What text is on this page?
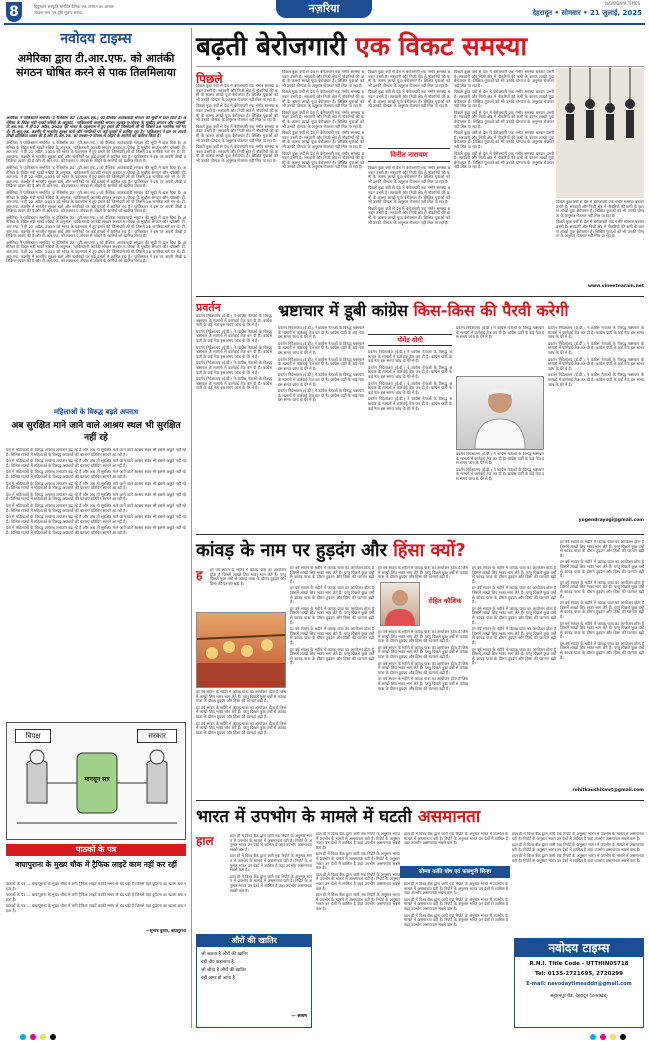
8	हिंदुस्तान संस्कृति समर्पित दैनिक एक जनमत का आधार
भावना मन्त्र पत्र दृष्टि मूलतः संवाद	नज़रिया	NAVODAYA TIMES
देहरादून • सोमवार • 21 जुलाई, 2025
नवोदय टाइम्स
अमेरिका द्वारा टी.आर.एफ. को आतंकी संगठन घोषित करने से पाक तिलमिलाया

अमेरिका ने पाकिस्तान समर्थित 'द रेजिस्टेंस फ्रंट' (टी.आर.एफ.) को वैश्विक आतंकवादी संगठन की सूची में डाल दिया है। अमेरिका के विदेश मंत्री मार्को रुबियो के अनुसार, 'पाकिस्तानी आतंकी संगठन लश्कर-ए-तोयबा के मुखौटा संगठन और 'प्रॉक्सी' टी.आर.एफ. ने ही 22 अप्रैल, 2025 को भारत के पहलगाम में हुए हमले की जिम्मेदारी ली थी जिसमें 26 नागरिक मारे गए थे। टी.आर.एफ. कश्मीर में भारतीय सुरक्षा बलों और नागरिकों पर कई हमलों में शामिल रहा है।' पाकिस्तान ने इस पर अपनी तीखी प्रतिक्रिया व्यक्त की है और टी.आर.एफ. को लश्कर-ए-तोयबा से जोड़ने के आरोपों को खारिज किया है।

अमेरिका ने पाकिस्तान समर्थित 'द रेजिस्टेंस फ्रंट' (टी.आर.एफ.) को वैश्विक आतंकवादी संगठन की सूची में डाल दिया है। अमेरिका के विदेश मंत्री मार्को रुबियो के अनुसार, 'पाकिस्तानी आतंकी संगठन लश्कर-ए-तोयबा के मुखौटा संगठन और 'प्रॉक्सी' टी.आर.एफ. ने ही 22 अप्रैल, 2025 को भारत के पहलगाम में हुए हमले की जिम्मेदारी ली थी जिसमें 26 नागरिक मारे गए थे। टी.आर.एफ. कश्मीर में भारतीय सुरक्षा बलों और नागरिकों पर कई हमलों में शामिल रहा है।' पाकिस्तान ने इस पर अपनी तीखी प्रतिक्रिया व्यक्त की है और टी.आर.एफ. को लश्कर-ए-तोयबा से जोड़ने के आरोपों को खारिज किया है।

अमेरिका ने पाकिस्तान समर्थित 'द रेजिस्टेंस फ्रंट' (टी.आर.एफ.) को वैश्विक आतंकवादी संगठन की सूची में डाल दिया है। अमेरिका के विदेश मंत्री मार्को रुबियो के अनुसार, 'पाकिस्तानी आतंकी संगठन लश्कर-ए-तोयबा के मुखौटा संगठन और 'प्रॉक्सी' टी.आर.एफ. ने ही 22 अप्रैल, 2025 को भारत के पहलगाम में हुए हमले की जिम्मेदारी ली थी जिसमें 26 नागरिक मारे गए थे। टी.आर.एफ. कश्मीर में भारतीय सुरक्षा बलों और नागरिकों पर कई हमलों में शामिल रहा है।' पाकिस्तान ने इस पर अपनी तीखी प्रतिक्रिया व्यक्त की है और टी.आर.एफ. को लश्कर-ए-तोयबा से जोड़ने के आरोपों को खारिज किया है।

अमेरिका ने पाकिस्तान समर्थित 'द रेजिस्टेंस फ्रंट' (टी.आर.एफ.) को वैश्विक आतंकवादी संगठन की सूची में डाल दिया है। अमेरिका के विदेश मंत्री मार्को रुबियो के अनुसार, 'पाकिस्तानी आतंकी संगठन लश्कर-ए-तोयबा के मुखौटा संगठन और 'प्रॉक्सी' टी.आर.एफ. ने ही 22 अप्रैल, 2025 को भारत के पहलगाम में हुए हमले की जिम्मेदारी ली थी जिसमें 26 नागरिक मारे गए थे। टी.आर.एफ. कश्मीर में भारतीय सुरक्षा बलों और नागरिकों पर कई हमलों में शामिल रहा है।' पाकिस्तान ने इस पर अपनी तीखी प्रतिक्रिया व्यक्त की है और टी.आर.एफ. को लश्कर-ए-तोयबा से जोड़ने के आरोपों को खारिज किया है।

अमेरिका ने पाकिस्तान समर्थित 'द रेजिस्टेंस फ्रंट' (टी.आर.एफ.) को वैश्विक आतंकवादी संगठन की सूची में डाल दिया है। अमेरिका के विदेश मंत्री मार्को रुबियो के अनुसार, 'पाकिस्तानी आतंकी संगठन लश्कर-ए-तोयबा के मुखौटा संगठन और 'प्रॉक्सी' टी.आर.एफ. ने ही 22 अप्रैल, 2025 को भारत के पहलगाम में हुए हमले की जिम्मेदारी ली थी जिसमें 26 नागरिक मारे गए थे। टी.आर.एफ. कश्मीर में भारतीय सुरक्षा बलों और नागरिकों पर कई हमलों में शामिल रहा है।' पाकिस्तान ने इस पर अपनी तीखी प्रतिक्रिया व्यक्त की है और टी.आर.एफ. को लश्कर-ए-तोयबा से जोड़ने के आरोपों को खारिज किया है।

अमेरिका ने पाकिस्तान समर्थित 'द रेजिस्टेंस फ्रंट' (टी.आर.एफ.) को वैश्विक आतंकवादी संगठन की सूची में डाल दिया है। अमेरिका के विदेश मंत्री मार्को रुबियो के अनुसार, 'पाकिस्तानी आतंकी संगठन लश्कर-ए-तोयबा के मुखौटा संगठन और 'प्रॉक्सी' टी.आर.एफ. ने ही 22 अप्रैल, 2025 को भारत के पहलगाम में हुए हमले की जिम्मेदारी ली थी जिसमें 26 नागरिक मारे गए थे। टी.आर.एफ. कश्मीर में भारतीय सुरक्षा बलों और नागरिकों पर कई हमलों में शामिल रहा है।' पाकिस्तान ने इस पर अपनी तीखी प्रतिक्रिया व्यक्त की है और टी.आर.एफ. को लश्कर-ए-तोयबा से जोड़ने के आरोपों को खारिज किया है।

महिलाओं के विरुद्ध बढ़ते अपराध
अब सुरक्षित माने जाने वाले आश्रय स्थल भी सुरक्षित नहीं रहे

देश में महिलाओं के विरुद्ध अपराध लगातार बढ़ रहे हैं और अब तो सुरक्षित माने जाने वाले आश्रय स्थल भी इससे अछूते नहीं रहे हैं। विभिन्न राज्यों में महिलाओं के विरुद्ध अपराधों की घटनाएं प्रतिदिन सामने आ रही हैं।

देश में महिलाओं के विरुद्ध अपराध लगातार बढ़ रहे हैं और अब तो सुरक्षित माने जाने वाले आश्रय स्थल भी इससे अछूते नहीं रहे हैं। विभिन्न राज्यों में महिलाओं के विरुद्ध अपराधों की घटनाएं प्रतिदिन सामने आ रही हैं।

देश में महिलाओं के विरुद्ध अपराध लगातार बढ़ रहे हैं और अब तो सुरक्षित माने जाने वाले आश्रय स्थल भी इससे अछूते नहीं रहे हैं। विभिन्न राज्यों में महिलाओं के विरुद्ध अपराधों की घटनाएं प्रतिदिन सामने आ रही हैं।

देश में महिलाओं के विरुद्ध अपराध लगातार बढ़ रहे हैं और अब तो सुरक्षित माने जाने वाले आश्रय स्थल भी इससे अछूते नहीं रहे हैं। विभिन्न राज्यों में महिलाओं के विरुद्ध अपराधों की घटनाएं प्रतिदिन सामने आ रही हैं।

देश में महिलाओं के विरुद्ध अपराध लगातार बढ़ रहे हैं और अब तो सुरक्षित माने जाने वाले आश्रय स्थल भी इससे अछूते नहीं रहे हैं। विभिन्न राज्यों में महिलाओं के विरुद्ध अपराधों की घटनाएं प्रतिदिन सामने आ रही हैं।

देश में महिलाओं के विरुद्ध अपराध लगातार बढ़ रहे हैं और अब तो सुरक्षित माने जाने वाले आश्रय स्थल भी इससे अछूते नहीं रहे हैं। विभिन्न राज्यों में महिलाओं के विरुद्ध अपराधों की घटनाएं प्रतिदिन सामने आ रही हैं।

देश में महिलाओं के विरुद्ध अपराध लगातार बढ़ रहे हैं और अब तो सुरक्षित माने जाने वाले आश्रय स्थल भी इससे अछूते नहीं रहे हैं। विभिन्न राज्यों में महिलाओं के विरुद्ध अपराधों की घटनाएं प्रतिदिन सामने आ रही हैं।

देश में महिलाओं के विरुद्ध अपराध लगातार बढ़ रहे हैं और अब तो सुरक्षित माने जाने वाले आश्रय स्थल भी इससे अछूते नहीं रहे हैं। विभिन्न राज्यों में महिलाओं के विरुद्ध अपराधों की घटनाएं प्रतिदिन सामने आ रही हैं।

विपक्ष	सरकार
मानसून सत्र
पाठकों के पत्र
बाघापुराना के मुख्य चौक में ट्रैफिक लाइटें काम नहीं कर रहीं

पाठकों के पत्र — बाघापुराना के मुख्य चौक में लगी ट्रैफिक लाइटें काफी समय से बंद पड़ी हैं जिससे यहां दुर्घटना का खतरा बना रहता है।

पाठकों के पत्र — बाघापुराना के मुख्य चौक में लगी ट्रैफिक लाइटें काफी समय से बंद पड़ी हैं जिससे यहां दुर्घटना का खतरा बना रहता है।

पाठकों के पत्र — बाघापुराना के मुख्य चौक में लगी ट्रैफिक लाइटें काफी समय से बंद पड़ी हैं जिससे यहां दुर्घटना का खतरा बना रहता है।

—सुभाष कुमार, बाघापुराना
बढ़ती बेरोजगारी एक विकट समस्या
पिछले

पिछले कुछ वर्षों से देश में बेरोजगारी एक गंभीर समस्या बनकर उभरी है। सरकारी और निजी क्षेत्र में नौकरियों की कमी के कारण लाखों युवा बेरोजगार हैं। शिक्षित युवाओं को भी उनकी योग्यता के अनुसार रोजगार नहीं मिल पा रहा है।

पिछले कुछ वर्षों से देश में बेरोजगारी एक गंभीर समस्या बनकर उभरी है। सरकारी और निजी क्षेत्र में नौकरियों की कमी के कारण लाखों युवा बेरोजगार हैं। शिक्षित युवाओं को भी उनकी योग्यता के अनुसार रोजगार नहीं मिल पा रहा है।

पिछले कुछ वर्षों से देश में बेरोजगारी एक गंभीर समस्या बनकर उभरी है। सरकारी और निजी क्षेत्र में नौकरियों की कमी के कारण लाखों युवा बेरोजगार हैं। शिक्षित युवाओं को भी उनकी योग्यता के अनुसार रोजगार नहीं मिल पा रहा है।

पिछले कुछ वर्षों से देश में बेरोजगारी एक गंभीर समस्या बनकर उभरी है। सरकारी और निजी क्षेत्र में नौकरियों की कमी के कारण लाखों युवा बेरोजगार हैं। शिक्षित युवाओं को भी उनकी योग्यता के अनुसार रोजगार नहीं मिल पा रहा है।

पिछले कुछ वर्षों से देश में बेरोजगारी एक गंभीर समस्या बनकर उभरी है। सरकारी और निजी क्षेत्र में नौकरियों की कमी के कारण लाखों युवा बेरोजगार हैं। शिक्षित युवाओं को भी उनकी योग्यता के अनुसार रोजगार नहीं मिल पा रहा है।

पिछले कुछ वर्षों से देश में बेरोजगारी एक गंभीर समस्या बनकर उभरी है। सरकारी और निजी क्षेत्र में नौकरियों की कमी के कारण लाखों युवा बेरोजगार हैं। शिक्षित युवाओं को भी उनकी योग्यता के अनुसार रोजगार नहीं मिल पा रहा है।

पिछले कुछ वर्षों से देश में बेरोजगारी एक गंभीर समस्या बनकर उभरी है। सरकारी और निजी क्षेत्र में नौकरियों की कमी के कारण लाखों युवा बेरोजगार हैं। शिक्षित युवाओं को भी उनकी योग्यता के अनुसार रोजगार नहीं मिल पा रहा है।

पिछले कुछ वर्षों से देश में बेरोजगारी एक गंभीर समस्या बनकर उभरी है। सरकारी और निजी क्षेत्र में नौकरियों की कमी के कारण लाखों युवा बेरोजगार हैं। शिक्षित युवाओं को भी उनकी योग्यता के अनुसार रोजगार नहीं मिल पा रहा है।

पिछले कुछ वर्षों से देश में बेरोजगारी एक गंभीर समस्या बनकर उभरी है। सरकारी और निजी क्षेत्र में नौकरियों की कमी के कारण लाखों युवा बेरोजगार हैं। शिक्षित युवाओं को भी उनकी योग्यता के अनुसार रोजगार नहीं मिल पा रहा है।

विनीत नारायण

पिछले कुछ वर्षों से देश में बेरोजगारी एक गंभीर समस्या बनकर उभरी है। सरकारी और निजी क्षेत्र में नौकरियों की कमी के कारण लाखों युवा बेरोजगार हैं। शिक्षित युवाओं को भी उनकी योग्यता के अनुसार रोजगार नहीं मिल पा रहा है।

पिछले कुछ वर्षों से देश में बेरोजगारी एक गंभीर समस्या बनकर उभरी है। सरकारी और निजी क्षेत्र में नौकरियों की कमी के कारण लाखों युवा बेरोजगार हैं। शिक्षित युवाओं को भी उनकी योग्यता के अनुसार रोजगार नहीं मिल पा रहा है।

पिछले कुछ वर्षों से देश में बेरोजगारी एक गंभीर समस्या बनकर उभरी है। सरकारी और निजी क्षेत्र में नौकरियों की कमी के कारण लाखों युवा बेरोजगार हैं। शिक्षित युवाओं को भी उनकी योग्यता के अनुसार रोजगार नहीं मिल पा रहा है।

पिछले कुछ वर्षों से देश में बेरोजगारी एक गंभीर समस्या बनकर उभरी है। सरकारी और निजी क्षेत्र में नौकरियों की कमी के कारण लाखों युवा बेरोजगार हैं। शिक्षित युवाओं को भी उनकी योग्यता के अनुसार रोजगार नहीं मिल पा रहा है।

पिछले कुछ वर्षों से देश में बेरोजगारी एक गंभीर समस्या बनकर उभरी है। सरकारी और निजी क्षेत्र में नौकरियों की कमी के कारण लाखों युवा बेरोजगार हैं। शिक्षित युवाओं को भी उनकी योग्यता के अनुसार रोजगार नहीं मिल पा रहा है।

पिछले कुछ वर्षों से देश में बेरोजगारी एक गंभीर समस्या बनकर उभरी है। सरकारी और निजी क्षेत्र में नौकरियों की कमी के कारण लाखों युवा बेरोजगार हैं। शिक्षित युवाओं को भी उनकी योग्यता के अनुसार रोजगार नहीं मिल पा रहा है।

पिछले कुछ वर्षों से देश में बेरोजगारी एक गंभीर समस्या बनकर उभरी है। सरकारी और निजी क्षेत्र में नौकरियों की कमी के कारण लाखों युवा बेरोजगार हैं। शिक्षित युवाओं को भी उनकी योग्यता के अनुसार रोजगार नहीं मिल पा रहा है।

पिछले कुछ वर्षों से देश में बेरोजगारी एक गंभीर समस्या बनकर उभरी है। सरकारी और निजी क्षेत्र में नौकरियों की कमी के कारण लाखों युवा बेरोजगार हैं। शिक्षित युवाओं को भी उनकी योग्यता के अनुसार रोजगार नहीं मिल पा रहा है।

पिछले कुछ वर्षों से देश में बेरोजगारी एक गंभीर समस्या बनकर उभरी है। सरकारी और निजी क्षेत्र में नौकरियों की कमी के कारण लाखों युवा बेरोजगार हैं। शिक्षित युवाओं को भी उनकी योग्यता के अनुसार रोजगार नहीं मिल पा रहा है।

पिछले कुछ वर्षों से देश में बेरोजगारी एक गंभीर समस्या बनकर उभरी है। सरकारी और निजी क्षेत्र में नौकरियों की कमी के कारण लाखों युवा बेरोजगार हैं। शिक्षित युवाओं को भी उनकी योग्यता के अनुसार रोजगार नहीं मिल पा रहा है।

पिछले कुछ वर्षों से देश में बेरोजगारी एक गंभीर समस्या बनकर उभरी है। सरकारी और निजी क्षेत्र में नौकरियों की कमी के कारण लाखों युवा बेरोजगार हैं। शिक्षित युवाओं को भी उनकी योग्यता के अनुसार रोजगार नहीं मिल पा रहा है।

पिछले कुछ वर्षों से देश में बेरोजगारी एक गंभीर समस्या बनकर उभरी है। सरकारी और निजी क्षेत्र में नौकरियों की कमी के कारण लाखों युवा बेरोजगार हैं। शिक्षित युवाओं को भी उनकी योग्यता के अनुसार रोजगार नहीं मिल पा रहा है।

www.vineetnarain.net
प्रवर्तन

प्रवर्तन निदेशालय (ई.डी.) ने कांग्रेस नेताओं के विरुद्ध भ्रष्टाचार के मामलों में कार्रवाई तेज कर दी है। कांग्रेस पार्टी के कई नेता इस समय जांच के घेरे में हैं।

प्रवर्तन निदेशालय (ई.डी.) ने कांग्रेस नेताओं के विरुद्ध भ्रष्टाचार के मामलों में कार्रवाई तेज कर दी है। कांग्रेस पार्टी के कई नेता इस समय जांच के घेरे में हैं।

प्रवर्तन निदेशालय (ई.डी.) ने कांग्रेस नेताओं के विरुद्ध भ्रष्टाचार के मामलों में कार्रवाई तेज कर दी है। कांग्रेस पार्टी के कई नेता इस समय जांच के घेरे में हैं।

प्रवर्तन निदेशालय (ई.डी.) ने कांग्रेस नेताओं के विरुद्ध भ्रष्टाचार के मामलों में कार्रवाई तेज कर दी है। कांग्रेस पार्टी के कई नेता इस समय जांच के घेरे में हैं।

प्रवर्तन निदेशालय (ई.डी.) ने कांग्रेस नेताओं के विरुद्ध भ्रष्टाचार के मामलों में कार्रवाई तेज कर दी है। कांग्रेस पार्टी के कई नेता इस समय जांच के घेरे में हैं।

भ्रष्टाचार में डूबी कांग्रेस किस-किस की पैरवी करेगी

प्रवर्तन निदेशालय (ई.डी.) ने कांग्रेस नेताओं के विरुद्ध भ्रष्टाचार के मामलों में कार्रवाई तेज कर दी है। कांग्रेस पार्टी के कई नेता इस समय जांच के घेरे में हैं।

प्रवर्तन निदेशालय (ई.डी.) ने कांग्रेस नेताओं के विरुद्ध भ्रष्टाचार के मामलों में कार्रवाई तेज कर दी है। कांग्रेस पार्टी के कई नेता इस समय जांच के घेरे में हैं।

प्रवर्तन निदेशालय (ई.डी.) ने कांग्रेस नेताओं के विरुद्ध भ्रष्टाचार के मामलों में कार्रवाई तेज कर दी है। कांग्रेस पार्टी के कई नेता इस समय जांच के घेरे में हैं।

प्रवर्तन निदेशालय (ई.डी.) ने कांग्रेस नेताओं के विरुद्ध भ्रष्टाचार के मामलों में कार्रवाई तेज कर दी है। कांग्रेस पार्टी के कई नेता इस समय जांच के घेरे में हैं।

प्रवर्तन निदेशालय (ई.डी.) ने कांग्रेस नेताओं के विरुद्ध भ्रष्टाचार के मामलों में कार्रवाई तेज कर दी है। कांग्रेस पार्टी के कई नेता इस समय जांच के घेरे में हैं।

योगेंद्र योगी

प्रवर्तन निदेशालय (ई.डी.) ने कांग्रेस नेताओं के विरुद्ध भ्रष्टाचार के मामलों में कार्रवाई तेज कर दी है। कांग्रेस पार्टी के कई नेता इस समय जांच के घेरे में हैं।

प्रवर्तन निदेशालय (ई.डी.) ने कांग्रेस नेताओं के विरुद्ध भ्रष्टाचार के मामलों में कार्रवाई तेज कर दी है। कांग्रेस पार्टी के कई नेता इस समय जांच के घेरे में हैं।

प्रवर्तन निदेशालय (ई.डी.) ने कांग्रेस नेताओं के विरुद्ध भ्रष्टाचार के मामलों में कार्रवाई तेज कर दी है। कांग्रेस पार्टी के कई नेता इस समय जांच के घेरे में हैं।

प्रवर्तन निदेशालय (ई.डी.) ने कांग्रेस नेताओं के विरुद्ध भ्रष्टाचार के मामलों में कार्रवाई तेज कर दी है। कांग्रेस पार्टी के कई नेता इस समय जांच के घेरे में हैं।

प्रवर्तन निदेशालय (ई.डी.) ने कांग्रेस नेताओं के विरुद्ध भ्रष्टाचार के मामलों में कार्रवाई तेज कर दी है। कांग्रेस पार्टी के कई नेता इस समय जांच के घेरे में हैं।

प्रवर्तन निदेशालय (ई.डी.) ने कांग्रेस नेताओं के विरुद्ध भ्रष्टाचार के मामलों में कार्रवाई तेज कर दी है। कांग्रेस पार्टी के कई नेता इस समय जांच के घेरे में हैं।

प्रवर्तन निदेशालय (ई.डी.) ने कांग्रेस नेताओं के विरुद्ध भ्रष्टाचार के मामलों में कार्रवाई तेज कर दी है। कांग्रेस पार्टी के कई नेता इस समय जांच के घेरे में हैं।

प्रवर्तन निदेशालय (ई.डी.) ने कांग्रेस नेताओं के विरुद्ध भ्रष्टाचार के मामलों में कार्रवाई तेज कर दी है। कांग्रेस पार्टी के कई नेता इस समय जांच के घेरे में हैं।

प्रवर्तन निदेशालय (ई.डी.) ने कांग्रेस नेताओं के विरुद्ध भ्रष्टाचार के मामलों में कार्रवाई तेज कर दी है। कांग्रेस पार्टी के कई नेता इस समय जांच के घेरे में हैं।

प्रवर्तन निदेशालय (ई.डी.) ने कांग्रेस नेताओं के विरुद्ध भ्रष्टाचार के मामलों में कार्रवाई तेज कर दी है। कांग्रेस पार्टी के कई नेता इस समय जांच के घेरे में हैं।

प्रवर्तन निदेशालय (ई.डी.) ने कांग्रेस नेताओं के विरुद्ध भ्रष्टाचार के मामलों में कार्रवाई तेज कर दी है। कांग्रेस पार्टी के कई नेता इस समय जांच के घेरे में हैं।

yogendrayogi@gmail.com
कांवड़ के नाम पर हुड़दंग और हिंसा क्यों?
ह	हर वर्ष सावन के महीने में कांवड़ यात्रा का आयोजन होता है जिसमें लाखों शिव भक्त भाग लेते हैं। परंतु पिछले कुछ वर्षों से कांवड़ यात्रा के दौरान हुड़दंग और हिंसा की घटनाएं बढ़ी हैं।

हर वर्ष सावन के महीने में कांवड़ यात्रा का आयोजन होता है जिसमें लाखों शिव भक्त भाग लेते हैं। परंतु पिछले कुछ वर्षों से कांवड़ यात्रा के दौरान हुड़दंग और हिंसा की घटनाएं बढ़ी हैं।

हर वर्ष सावन के महीने में कांवड़ यात्रा का आयोजन होता है जिसमें लाखों शिव भक्त भाग लेते हैं। परंतु पिछले कुछ वर्षों से कांवड़ यात्रा के दौरान हुड़दंग और हिंसा की घटनाएं बढ़ी हैं।

हर वर्ष सावन के महीने में कांवड़ यात्रा का आयोजन होता है जिसमें लाखों शिव भक्त भाग लेते हैं। परंतु पिछले कुछ वर्षों से कांवड़ यात्रा के दौरान हुड़दंग और हिंसा की घटनाएं बढ़ी हैं।

हर वर्ष सावन के महीने में कांवड़ यात्रा का आयोजन होता है जिसमें लाखों शिव भक्त भाग लेते हैं। परंतु पिछले कुछ वर्षों से कांवड़ यात्रा के दौरान हुड़दंग और हिंसा की घटनाएं बढ़ी हैं।

हर वर्ष सावन के महीने में कांवड़ यात्रा का आयोजन होता है जिसमें लाखों शिव भक्त भाग लेते हैं। परंतु पिछले कुछ वर्षों से कांवड़ यात्रा के दौरान हुड़दंग और हिंसा की घटनाएं बढ़ी हैं।

हर वर्ष सावन के महीने में कांवड़ यात्रा का आयोजन होता है जिसमें लाखों शिव भक्त भाग लेते हैं। परंतु पिछले कुछ वर्षों से कांवड़ यात्रा के दौरान हुड़दंग और हिंसा की घटनाएं बढ़ी हैं।

हर वर्ष सावन के महीने में कांवड़ यात्रा का आयोजन होता है जिसमें लाखों शिव भक्त भाग लेते हैं। परंतु पिछले कुछ वर्षों से कांवड़ यात्रा के दौरान हुड़दंग और हिंसा की घटनाएं बढ़ी हैं।

हर वर्ष सावन के महीने में कांवड़ यात्रा का आयोजन होता है जिसमें लाखों शिव भक्त भाग लेते हैं। परंतु पिछले कुछ वर्षों से कांवड़ यात्रा के दौरान हुड़दंग और हिंसा की घटनाएं बढ़ी हैं।

रोहित कौशिक

हर वर्ष सावन के महीने में कांवड़ यात्रा का आयोजन होता है जिसमें लाखों शिव भक्त भाग लेते हैं। परंतु पिछले कुछ वर्षों से कांवड़ यात्रा के दौरान हुड़दंग और हिंसा की घटनाएं बढ़ी हैं।

हर वर्ष सावन के महीने में कांवड़ यात्रा का आयोजन होता है जिसमें लाखों शिव भक्त भाग लेते हैं। परंतु पिछले कुछ वर्षों से कांवड़ यात्रा के दौरान हुड़दंग और हिंसा की घटनाएं बढ़ी हैं।

हर वर्ष सावन के महीने में कांवड़ यात्रा का आयोजन होता है जिसमें लाखों शिव भक्त भाग लेते हैं। परंतु पिछले कुछ वर्षों से कांवड़ यात्रा के दौरान हुड़दंग और हिंसा की घटनाएं बढ़ी हैं।

हर वर्ष सावन के महीने में कांवड़ यात्रा का आयोजन होता है जिसमें लाखों शिव भक्त भाग लेते हैं। परंतु पिछले कुछ वर्षों से कांवड़ यात्रा के दौरान हुड़दंग और हिंसा की घटनाएं बढ़ी हैं।

हर वर्ष सावन के महीने में कांवड़ यात्रा का आयोजन होता है जिसमें लाखों शिव भक्त भाग लेते हैं। परंतु पिछले कुछ वर्षों से कांवड़ यात्रा के दौरान हुड़दंग और हिंसा की घटनाएं बढ़ी हैं।

हर वर्ष सावन के महीने में कांवड़ यात्रा का आयोजन होता है जिसमें लाखों शिव भक्त भाग लेते हैं। परंतु पिछले कुछ वर्षों से कांवड़ यात्रा के दौरान हुड़दंग और हिंसा की घटनाएं बढ़ी हैं।

हर वर्ष सावन के महीने में कांवड़ यात्रा का आयोजन होता है जिसमें लाखों शिव भक्त भाग लेते हैं। परंतु पिछले कुछ वर्षों से कांवड़ यात्रा के दौरान हुड़दंग और हिंसा की घटनाएं बढ़ी हैं।

हर वर्ष सावन के महीने में कांवड़ यात्रा का आयोजन होता है जिसमें लाखों शिव भक्त भाग लेते हैं। परंतु पिछले कुछ वर्षों से कांवड़ यात्रा के दौरान हुड़दंग और हिंसा की घटनाएं बढ़ी हैं।

हर वर्ष सावन के महीने में कांवड़ यात्रा का आयोजन होता है जिसमें लाखों शिव भक्त भाग लेते हैं। परंतु पिछले कुछ वर्षों से कांवड़ यात्रा के दौरान हुड़दंग और हिंसा की घटनाएं बढ़ी हैं।

हर वर्ष सावन के महीने में कांवड़ यात्रा का आयोजन होता है जिसमें लाखों शिव भक्त भाग लेते हैं। परंतु पिछले कुछ वर्षों से कांवड़ यात्रा के दौरान हुड़दंग और हिंसा की घटनाएं बढ़ी हैं।

हर वर्ष सावन के महीने में कांवड़ यात्रा का आयोजन होता है जिसमें लाखों शिव भक्त भाग लेते हैं। परंतु पिछले कुछ वर्षों से कांवड़ यात्रा के दौरान हुड़दंग और हिंसा की घटनाएं बढ़ी हैं।

हर वर्ष सावन के महीने में कांवड़ यात्रा का आयोजन होता है जिसमें लाखों शिव भक्त भाग लेते हैं। परंतु पिछले कुछ वर्षों से कांवड़ यात्रा के दौरान हुड़दंग और हिंसा की घटनाएं बढ़ी हैं।

हर वर्ष सावन के महीने में कांवड़ यात्रा का आयोजन होता है जिसमें लाखों शिव भक्त भाग लेते हैं। परंतु पिछले कुछ वर्षों से कांवड़ यात्रा के दौरान हुड़दंग और हिंसा की घटनाएं बढ़ी हैं।

हर वर्ष सावन के महीने में कांवड़ यात्रा का आयोजन होता है जिसमें लाखों शिव भक्त भाग लेते हैं। परंतु पिछले कुछ वर्षों से कांवड़ यात्रा के दौरान हुड़दंग और हिंसा की घटनाएं बढ़ी हैं।

हर वर्ष सावन के महीने में कांवड़ यात्रा का आयोजन होता है जिसमें लाखों शिव भक्त भाग लेते हैं। परंतु पिछले कुछ वर्षों से कांवड़ यात्रा के दौरान हुड़दंग और हिंसा की घटनाएं बढ़ी हैं।

हर वर्ष सावन के महीने में कांवड़ यात्रा का आयोजन होता है जिसमें लाखों शिव भक्त भाग लेते हैं। परंतु पिछले कुछ वर्षों से कांवड़ यात्रा के दौरान हुड़दंग और हिंसा की घटनाएं बढ़ी हैं।

rohitkaushikmrt@gmail.com
भारत में उपभोग के मामले में घटती असमानता
हाल	हाल ही में विश्व बैंक द्वारा जारी एक रिपोर्ट के अनुसार भारत में उपभोग के मामले में असमानता घटी है। रिपोर्ट के अनुसार भारत उन देशों में शामिल है जहां उपभोग असमानता सबसे कम है।

हाल ही में विश्व बैंक द्वारा जारी एक रिपोर्ट के अनुसार भारत में उपभोग के मामले में असमानता घटी है। रिपोर्ट के अनुसार भारत उन देशों में शामिल है जहां उपभोग असमानता सबसे कम है।

हाल ही में विश्व बैंक द्वारा जारी एक रिपोर्ट के अनुसार भारत में उपभोग के मामले में असमानता घटी है। रिपोर्ट के अनुसार भारत उन देशों में शामिल है जहां उपभोग असमानता सबसे कम है।

हाल ही में विश्व बैंक द्वारा जारी एक रिपोर्ट के अनुसार भारत में उपभोग के मामले में असमानता घटी है। रिपोर्ट के अनुसार भारत उन देशों में शामिल है जहां उपभोग असमानता सबसे कम है।

हाल ही में विश्व बैंक द्वारा जारी एक रिपोर्ट के अनुसार भारत में उपभोग के मामले में असमानता घटी है। रिपोर्ट के अनुसार भारत उन देशों में शामिल है जहां उपभोग असमानता सबसे कम है।

हाल ही में विश्व बैंक द्वारा जारी एक रिपोर्ट के अनुसार भारत में उपभोग के मामले में असमानता घटी है। रिपोर्ट के अनुसार भारत उन देशों में शामिल है जहां उपभोग असमानता सबसे कम है।

हाल ही में विश्व बैंक द्वारा जारी एक रिपोर्ट के अनुसार भारत में उपभोग के मामले में असमानता घटी है। रिपोर्ट के अनुसार भारत उन देशों में शामिल है जहां उपभोग असमानता सबसे कम है।

सौम्या कांति घोष एवं फाल्गुनी सिन्हा

हाल ही में विश्व बैंक द्वारा जारी एक रिपोर्ट के अनुसार भारत में उपभोग के मामले में असमानता घटी है। रिपोर्ट के अनुसार भारत उन देशों में शामिल है जहां उपभोग असमानता सबसे कम है।

हाल ही में विश्व बैंक द्वारा जारी एक रिपोर्ट के अनुसार भारत में उपभोग के मामले में असमानता घटी है। रिपोर्ट के अनुसार भारत उन देशों में शामिल है जहां उपभोग असमानता सबसे कम है।

हाल ही में विश्व बैंक द्वारा जारी एक रिपोर्ट के अनुसार भारत में उपभोग के मामले में असमानता घटी है। रिपोर्ट के अनुसार भारत उन देशों में शामिल है जहां उपभोग असमानता सबसे कम है।

हाल ही में विश्व बैंक द्वारा जारी एक रिपोर्ट के अनुसार भारत में उपभोग के मामले में असमानता घटी है। रिपोर्ट के अनुसार भारत उन देशों में शामिल है जहां उपभोग असमानता सबसे कम है।

हाल ही में विश्व बैंक द्वारा जारी एक रिपोर्ट के अनुसार भारत में उपभोग के मामले में असमानता घटी है। रिपोर्ट के अनुसार भारत उन देशों में शामिल है जहां उपभोग असमानता सबसे कम है।

हाल ही में विश्व बैंक द्वारा जारी एक रिपोर्ट के अनुसार भारत में उपभोग के मामले में असमानता घटी है। रिपोर्ट के अनुसार भारत उन देशों में शामिल है जहां उपभोग असमानता सबसे कम है।

हाल ही में विश्व बैंक द्वारा जारी एक रिपोर्ट के अनुसार भारत में उपभोग के मामले में असमानता घटी है। रिपोर्ट के अनुसार भारत उन देशों में शामिल है जहां उपभोग असमानता सबसे कम है।

औरों की खातिर
जो जलता है औरों की खातिर
वही दीप कहलाता है
जो जीता है औरों की खातिर
वही अमर हो जाता है
— सत्यम
नवोदय टाइम्स
R.N.I. Title Code - UTTHIN05718
Tel: 0135-2721695, 2720299
E-mail: navodaytimesddn@gmail.com
सहारनपुर रोड, देहरादून (उत्तराखंड)
